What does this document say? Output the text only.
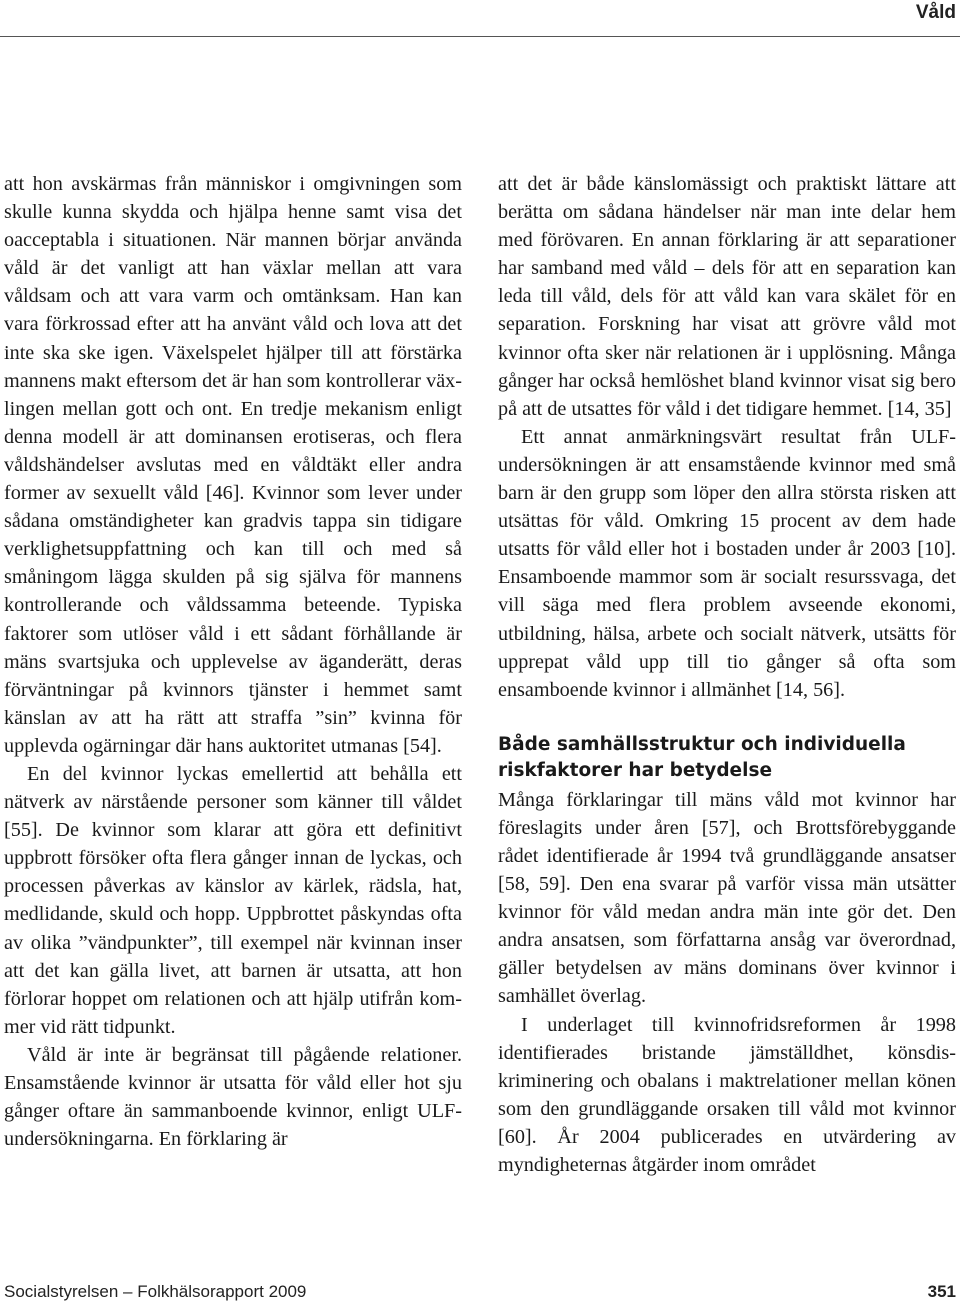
Våld

att hon avskärmas från människor i omgivningen som skulle kunna skydda och hjälpa henne samt visa det oacceptabla i situationen. När mannen börjar använda våld är det vanligt att han växlar mellan att vara våldsam och att vara varm och omtänksam. Han kan vara förkrossad efter att ha använt våld och lova att det inte ska ske igen. Växelspelet hjälper till att förstärka mannens makt eftersom det är han som kontrollerar växlingen mellan gott och ont. En tredje mekanism enligt denna modell är att dominansen erotiseras, och flera våldshändelser avslutas med en våldtäkt eller andra former av sexuellt våld [46]. Kvinnor som lever under sådana omständigheter kan gradvis tappa sin tidigare verklighetsuppfattning och kan till och med så småningom lägga skulden på sig själva för mannens kontrollerande och våldssamma beteende. Typiska faktorer som utlöser våld i ett sådant förhållande är mäns svartsjuka och upplevelse av äganderätt, deras förväntningar på kvinnors tjänster i hemmet samt känslan av att ha rätt att straffa ”sin” kvinna för upplevda ogärningar där hans auktoritet utmanas [54].

En del kvinnor lyckas emellertid att behålla ett nätverk av närstående personer som känner till våldet [55]. De kvinnor som klarar att göra ett definitivt uppbrott försöker ofta flera gånger innan de lyckas, och processen påverkas av känslor av kärlek, rädsla, hat, medlidande, skuld och hopp. Uppbrottet påskyndas ofta av olika ”vändpunkter”, till exempel när kvinnan inser att det kan gälla livet, att barnen är utsatta, att hon förlorar hoppet om relationen och att hjälp utifrån kommer vid rätt tidpunkt.

Våld är inte är begränsat till pågående relationer. Ensamstående kvinnor är utsatta för våld eller hot sju gånger oftare än sammanboende kvinnor, enligt ULF-undersökningarna. En förklaring är

att det är både känslomässigt och praktiskt lättare att berätta om sådana händelser när man inte delar hem med förövaren. En annan förklaring är att separationer har samband med våld – dels för att en separation kan leda till våld, dels för att våld kan vara skälet för en separation. Forskning har visat att grövre våld mot kvinnor ofta sker när relationen är i upplösning. Många gånger har också hemlöshet bland kvinnor visat sig bero på att de utsattes för våld i det tidigare hemmet. [14, 35]

Ett annat anmärkningsvärt resultat från ULF-undersökningen är att ensamstående kvinnor med små barn är den grupp som löper den allra största risken att utsättas för våld. Omkring 15 procent av dem hade utsatts för våld eller hot i bostaden under år 2003 [10]. Ensamboende mammor som är socialt resurssvaga, det vill säga med flera problem avseende ekonomi, utbildning, hälsa, arbete och socialt nätverk, utsätts för upprepat våld upp till tio gånger så ofta som ensamboende kvinnor i allmänhet [14, 56].

Både samhällsstruktur och individuella riskfaktorer har betydelse

Många förklaringar till mäns våld mot kvinnor har föreslagits under åren [57], och Brottsförebyggande rådet identifierade år 1994 två grundläggande ansatser [58, 59]. Den ena svarar på varför vissa män utsätter kvinnor för våld medan andra män inte gör det. Den andra ansatsen, som författarna ansåg var överordnad, gäller betydelsen av mäns dominans över kvinnor i samhället överlag.

I underlaget till kvinnofridsreformen år 1998 identifierades bristande jämställdhet, könsdiskriminering och obalans i maktrelationer mellan könen som den grundläggande orsaken till våld mot kvinnor [60]. År 2004 publicerades en utvärdering av myndigheternas åtgärder inom området

Socialstyrelsen – Folkhälsorapport 2009	351
